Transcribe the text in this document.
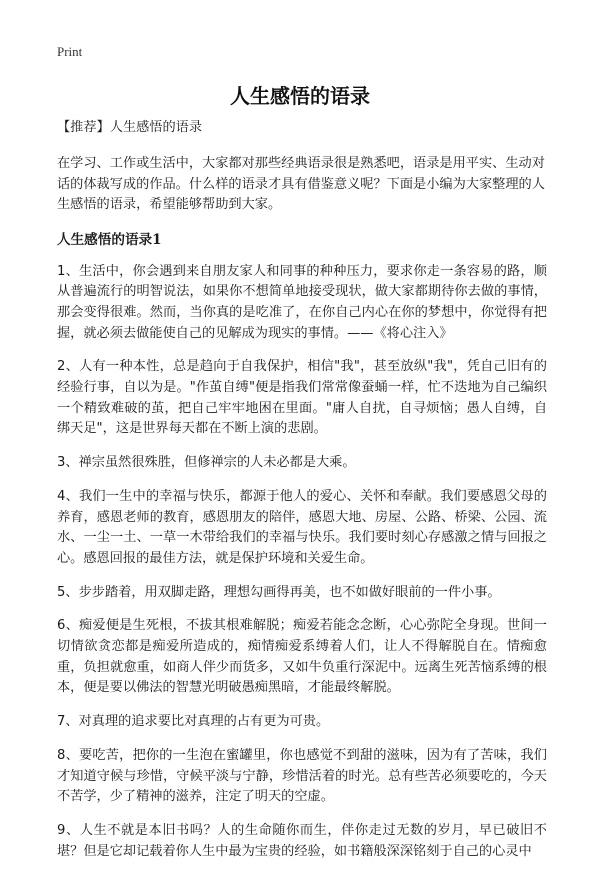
Print
人生感悟的语录

【推荐】人生感悟的语录

在学习、工作或生活中，大家都对那些经典语录很是熟悉吧，语录是用平实、生动对话的体裁写成的作品。什么样的语录才具有借鉴意义呢？下面是小编为大家整理的人生感悟的语录，希望能够帮助到大家。

人生感悟的语录1

1、生活中，你会遇到来自朋友家人和同事的种种压力，要求你走一条容易的路，顺从普遍流行的明智说法，如果你不想简单地接受现状，做大家都期待你去做的事情，那会变得很难。然而，当你真的是吃准了，在你自己内心在你的梦想中，你觉得有把握，就必须去做能使自己的见解成为现实的事情。——《将心注入》

2、人有一种本性，总是趋向于自我保护，相信"我"，甚至放纵"我"，凭自己旧有的经验行事，自以为是。"作茧自缚"便是指我们常常像蚕蛹一样，忙不迭地为自己编织一个精致难破的茧，把自己牢牢地困在里面。"庸人自扰，自寻烦恼；愚人自缚，自绑天足"，这是世界每天都在不断上演的悲剧。

3、禅宗虽然很殊胜，但修禅宗的人未必都是大乘。

4、我们一生中的幸福与快乐，都源于他人的爱心、关怀和奉献。我们要感恩父母的养育，感恩老师的教育，感恩朋友的陪伴，感恩大地、房屋、公路、桥梁、公园、流水、一尘一土、一草一木带给我们的幸福与快乐。我们要时刻心存感激之情与回报之心。感恩回报的最佳方法，就是保护环境和关爱生命。

5、步步踏着，用双脚走路，理想勾画得再美，也不如做好眼前的一件小事。

6、痴爱便是生死根，不拔其根难解脱；痴爱若能念念断，心心弥陀全身现。世间一切情欲贪恋都是痴爱所造成的，痴情痴爱系缚着人们，让人不得解脱自在。情痴愈重，负担就愈重，如商人伴少而货多，又如牛负重行深泥中。远离生死苦恼系缚的根本，便是要以佛法的智慧光明破愚痴黑暗，才能最终解脱。

7、对真理的追求要比对真理的占有更为可贵。

8、要吃苦，把你的一生泡在蜜罐里，你也感觉不到甜的滋味，因为有了苦味，我们才知道守候与珍惜，守候平淡与宁静，珍惜活着的时光。总有些苦必须要吃的，今天不苦学，少了精神的滋养，注定了明天的空虚。

9、人生不就是本旧书吗？人的生命随你而生，伴你走过无数的岁月，早已破旧不堪？但是它却记载着你人生中最为宝贵的经验，如书籍般深深铭刻于自己的心灵中
